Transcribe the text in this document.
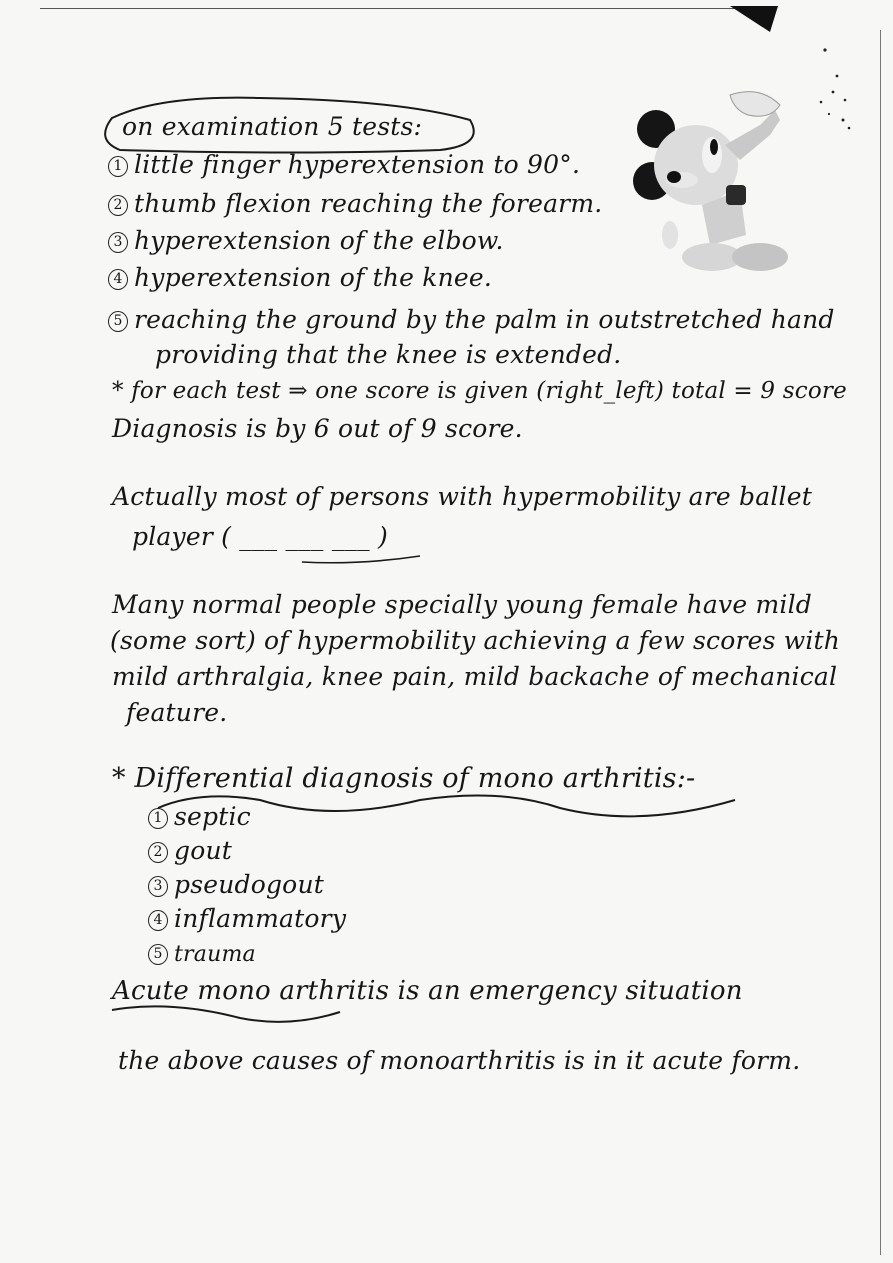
on examination 5 tests:
1 little finger hyperextension to 90°.
2 thumb flexion reaching the forearm.
3 hyperextension of the elbow.
4 hyperextension of the knee.
5 reaching the ground by the palm in outstretched hand
providing that the knee is extended.
* for each test ⇒ one score is given (right_left) total = 9 score
Diagnosis is by 6 out of 9 score.
Actually most of persons with hypermobility are ballet
player ( ___ ___ ___ )
Many normal people specially young female have mild
(some sort) of hypermobility achieving a few scores with
mild arthralgia, knee pain, mild backache of mechanical
feature.
* Differential diagnosis of mono arthritis:-
1 septic
2 gout
3 pseudogout
4 inflammatory
5 trauma
Acute mono arthritis is an emergency situation
the above causes of monoarthritis is in it acute form.
